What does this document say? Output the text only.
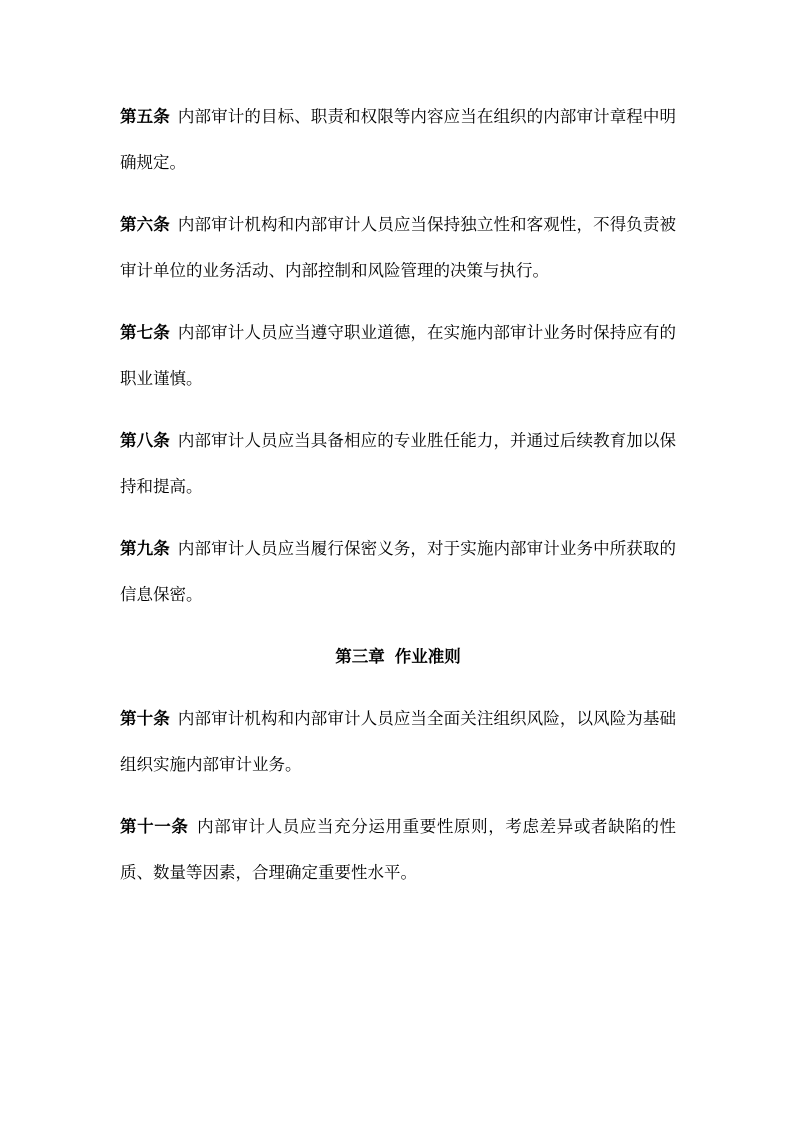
第五条 内部审计的目标、职责和权限等内容应当在组织的内部审计章程中明确规定。

第六条 内部审计机构和内部审计人员应当保持独立性和客观性，不得负责被审计单位的业务活动、内部控制和风险管理的决策与执行。

第七条 内部审计人员应当遵守职业道德，在实施内部审计业务时保持应有的职业谨慎。

第八条 内部审计人员应当具备相应的专业胜任能力，并通过后续教育加以保持和提高。

第九条 内部审计人员应当履行保密义务，对于实施内部审计业务中所获取的信息保密。

第三章 作业准则

第十条 内部审计机构和内部审计人员应当全面关注组织风险，以风险为基础组织实施内部审计业务。

第十一条 内部审计人员应当充分运用重要性原则，考虑差异或者缺陷的性质、数量等因素，合理确定重要性水平。
